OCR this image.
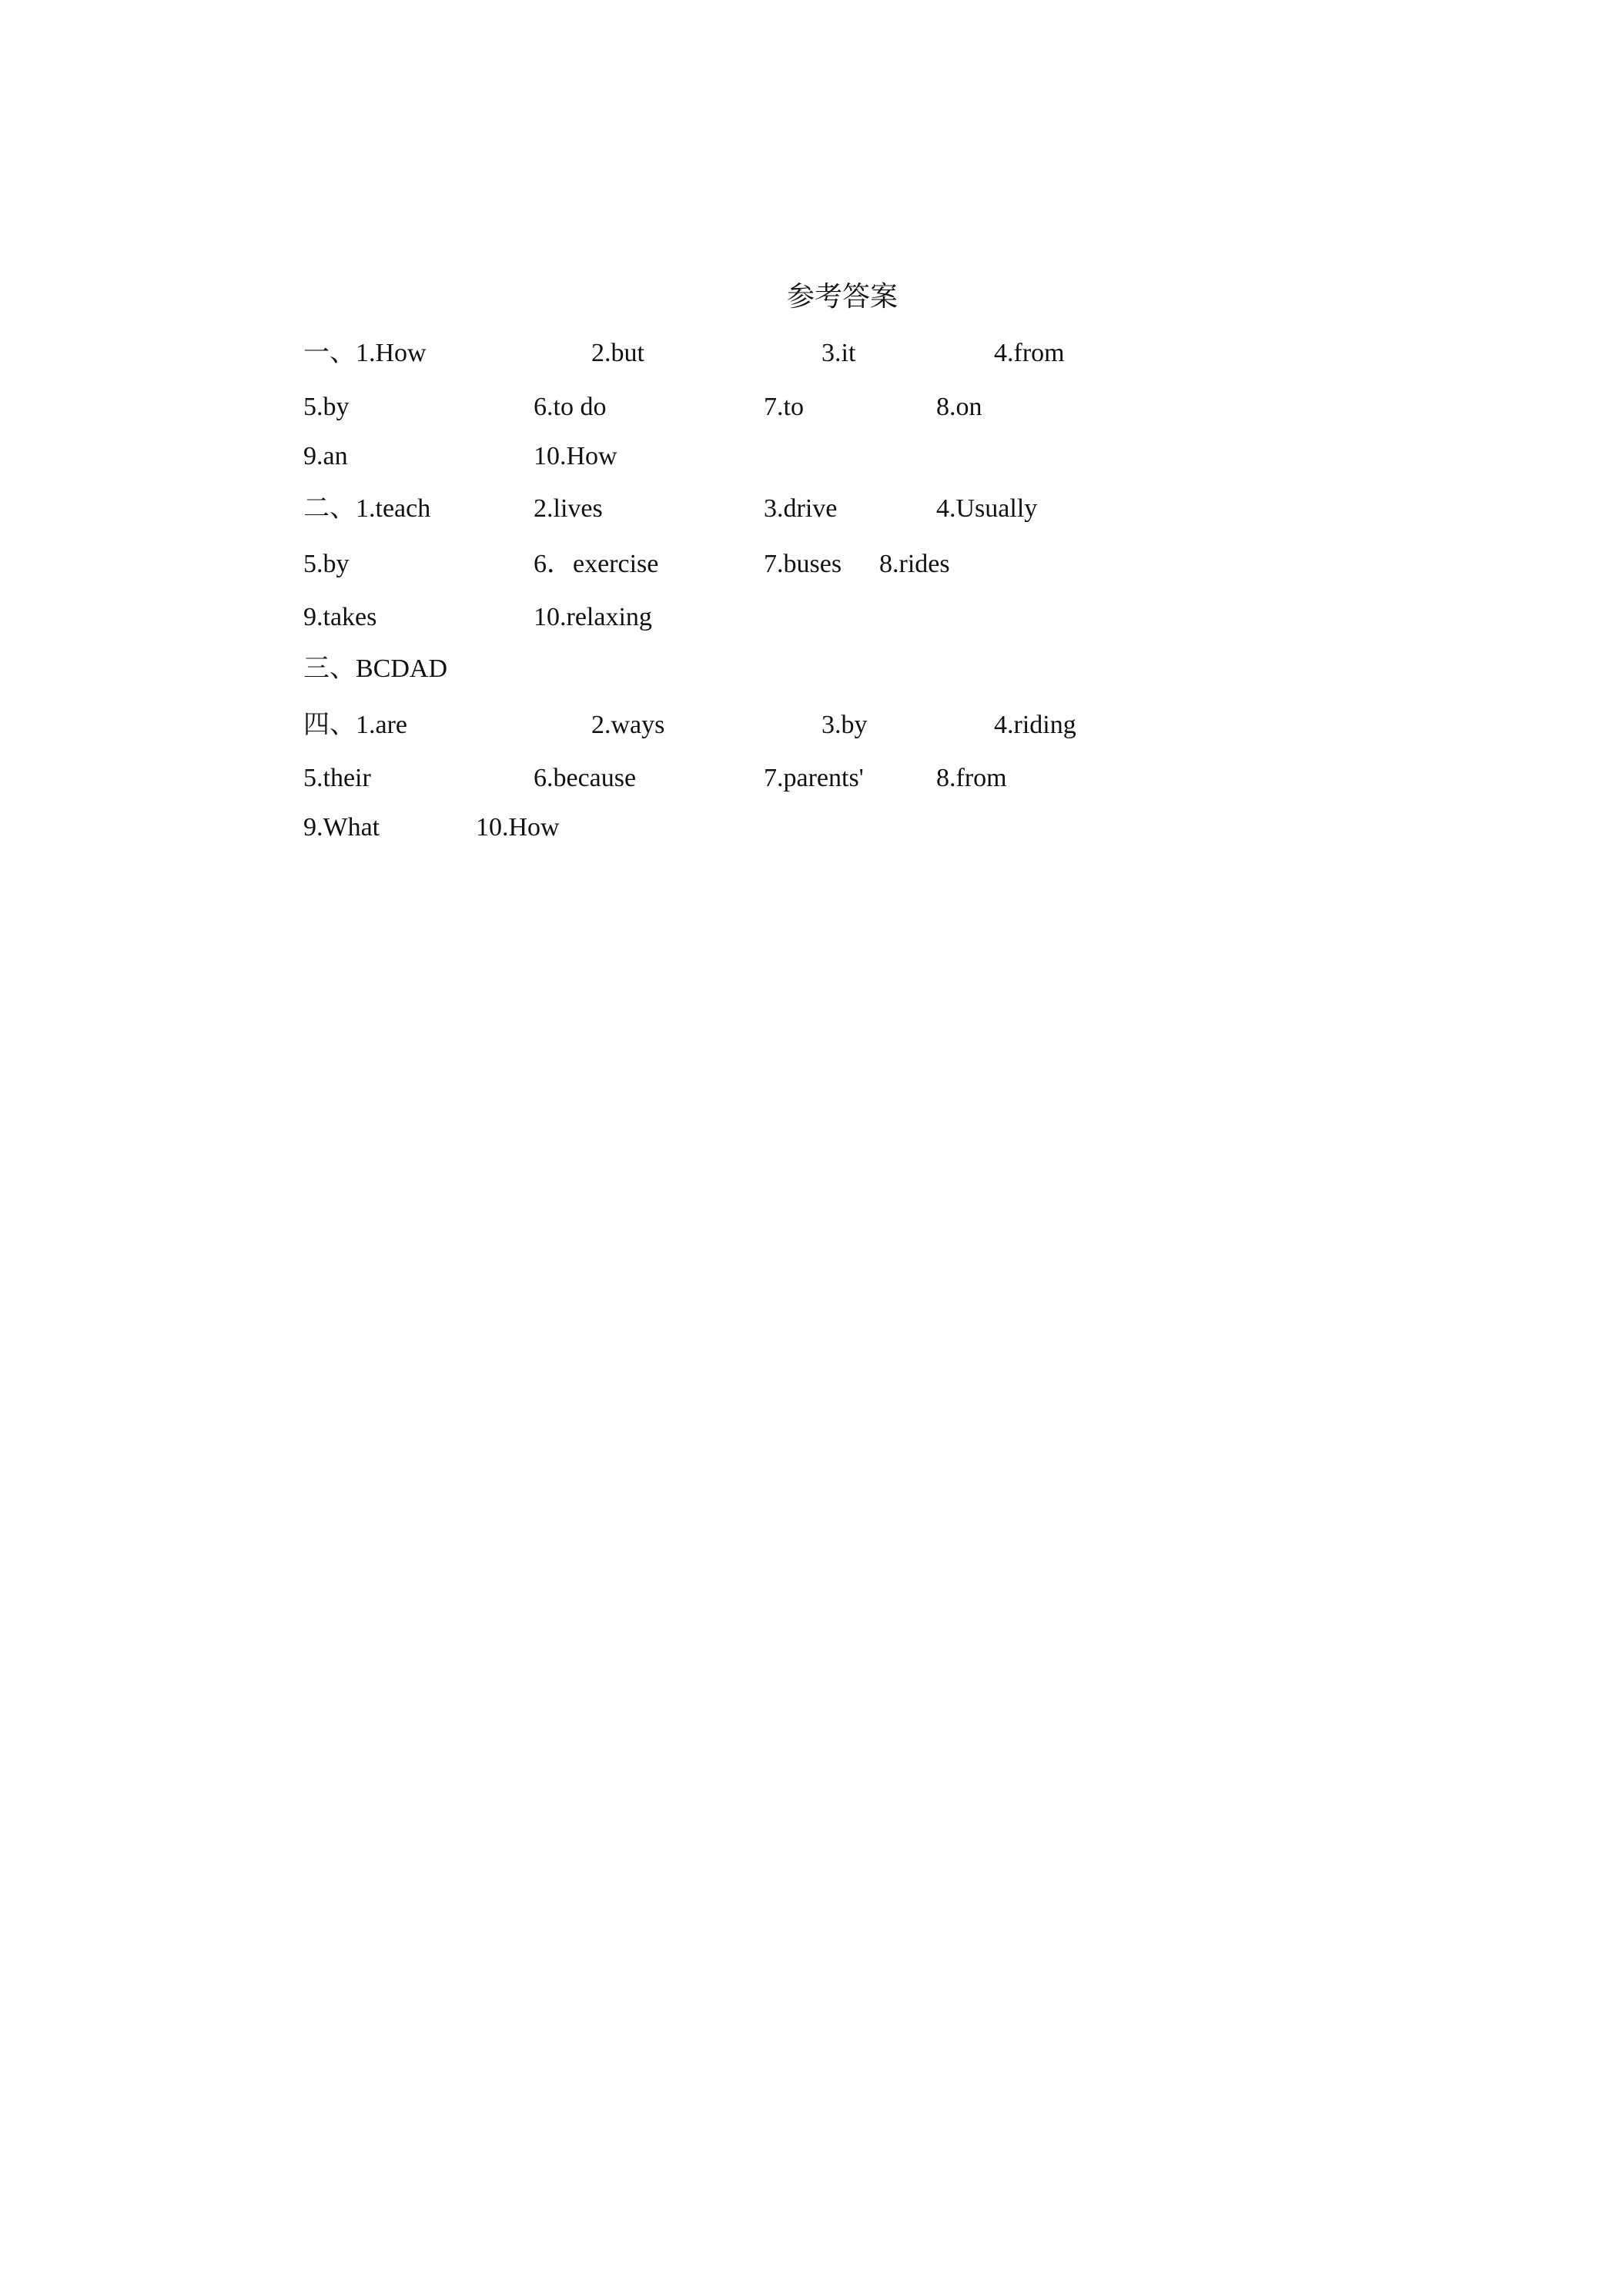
参考答案
一、1.How	2.but	3.it	4.from
5.by	6.to do	7.to	8.on
9.an	10.How
二、1.teach	2.lives	3.drive	4.Usually
5.by	6．exercise	7.buses 8.rides
9.takes	10.relaxing
三、BCDAD
四、1.are	2.ways	3.by	4.riding
5.their	6.because	7.parents'	8.from
9.What	10.How
